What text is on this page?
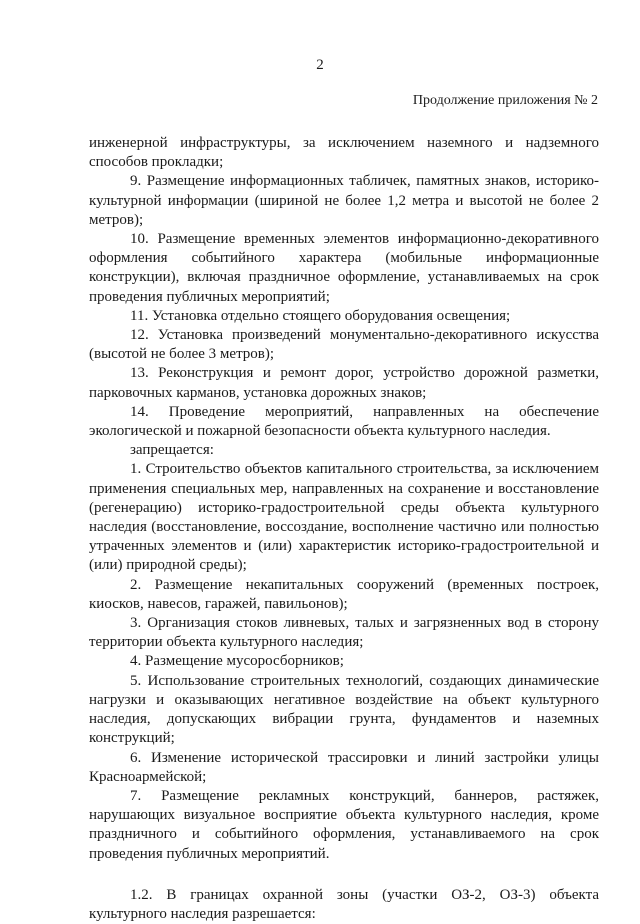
2
Продолжение приложения № 2

инженерной инфраструктуры, за исключением наземного и надземного способов прокладки;

9. Размещение информационных табличек, памятных знаков, историко-культурной информации (шириной не более 1,2 метра и высотой не более 2 метров);

10. Размещение временных элементов информационно-декоративного оформления событийного характера (мобильные информационные конструкции), включая праздничное оформление, устанавливаемых на срок проведения публичных мероприятий;

11. Установка отдельно стоящего оборудования освещения;

12. Установка произведений монументально-декоративного искусства (высотой не более 3 метров);

13. Реконструкция и ремонт дорог, устройство дорожной разметки, парковочных карманов, установка дорожных знаков;

14. Проведение мероприятий, направленных на обеспечение экологической и пожарной безопасности объекта культурного наследия.

запрещается:

1. Строительство объектов капитального строительства, за исключением применения специальных мер, направленных на сохранение и восстановление (регенерацию) историко-градостроительной среды объекта культурного наследия (восстановление, воссоздание, восполнение частично или полностью утраченных элементов и (или) характеристик историко-градостроительной и (или) природной среды);

2. Размещение некапитальных сооружений (временных построек, киосков, навесов, гаражей, павильонов);

3. Организация стоков ливневых, талых и загрязненных вод в сторону территории объекта культурного наследия;

4. Размещение мусоросборников;

5. Использование строительных технологий, создающих динамические нагрузки и оказывающих негативное воздействие на объект культурного наследия, допускающих вибрации грунта, фундаментов и наземных конструкций;

6. Изменение исторической трассировки и линий застройки улицы Красноармейской;

7. Размещение рекламных конструкций, баннеров, растяжек, нарушающих визуальное восприятие объекта культурного наследия, кроме праздничного и событийного оформления, устанавливаемого на срок проведения публичных мероприятий.

1.2. В границах охранной зоны (участки ОЗ-2, ОЗ-3) объекта культурного наследия разрешается:
